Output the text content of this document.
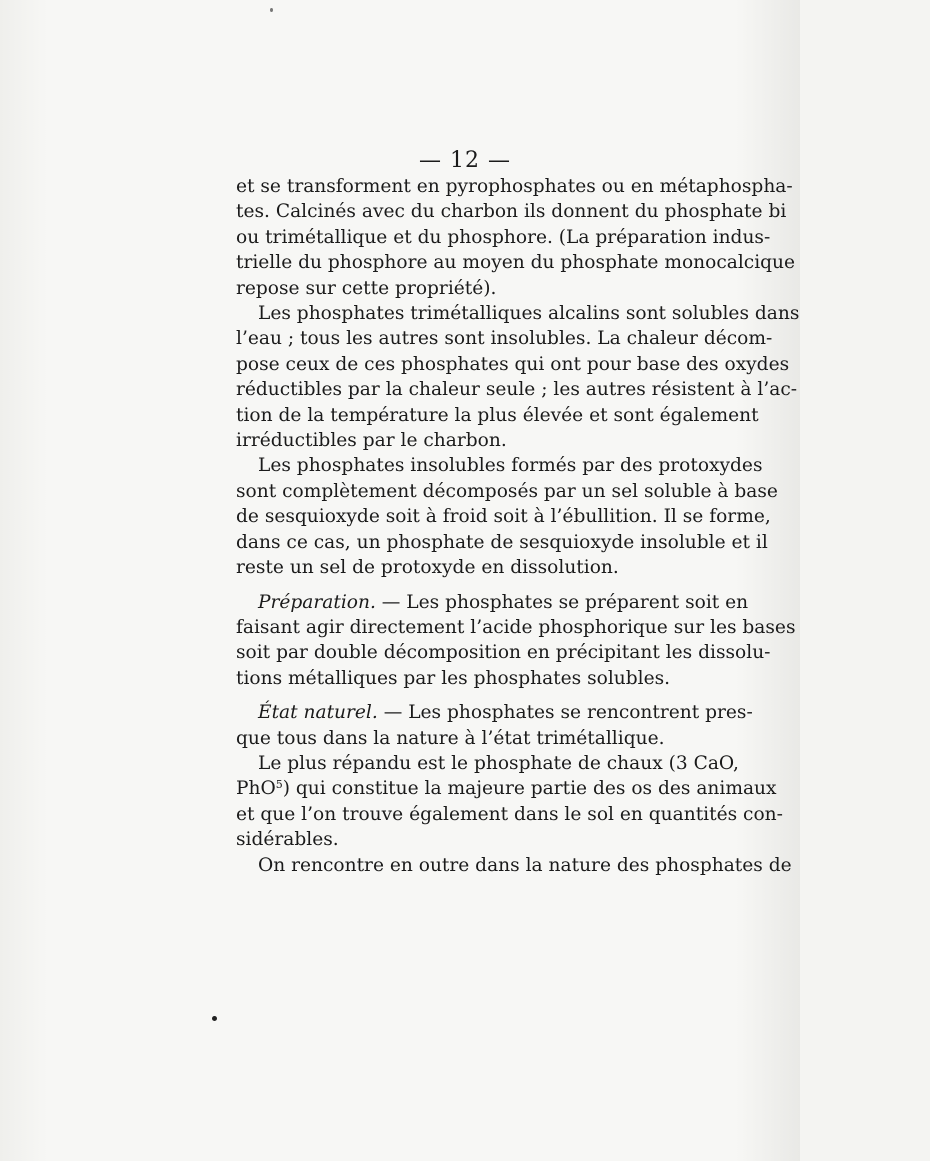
— 12 —
et se transforment en pyrophosphates ou en métaphospha-
tes. Calcinés avec du charbon ils donnent du phosphate bi
ou trimétallique et du phosphore. (La préparation indus-
trielle du phosphore au moyen du phosphate monocalcique
repose sur cette propriété).
Les phosphates trimétalliques alcalins sont solubles dans
l’eau ; tous les autres sont insolubles. La chaleur décom-
pose ceux de ces phosphates qui ont pour base des oxydes
réductibles par la chaleur seule ; les autres résistent à l’ac-
tion de la température la plus élevée et sont également
irréductibles par le charbon.
Les phosphates insolubles formés par des protoxydes
sont complètement décomposés par un sel soluble à base
de sesquioxyde soit à froid soit à l’ébullition. Il se forme,
dans ce cas, un phosphate de sesquioxyde insoluble et il
reste un sel de protoxyde en dissolution.
Préparation. — Les phosphates se préparent soit en
faisant agir directement l’acide phosphorique sur les bases
soit par double décomposition en précipitant les dissolu-
tions métalliques par les phosphates solubles.
État naturel. — Les phosphates se rencontrent pres-
que tous dans la nature à l’état trimétallique.
Le plus répandu est le phosphate de chaux (3 CaO,
PhO$^5$) qui constitue la majeure partie des os des animaux
et que l’on trouve également dans le sol en quantités con-
sidérables.
On rencontre en outre dans la nature des phosphates de
